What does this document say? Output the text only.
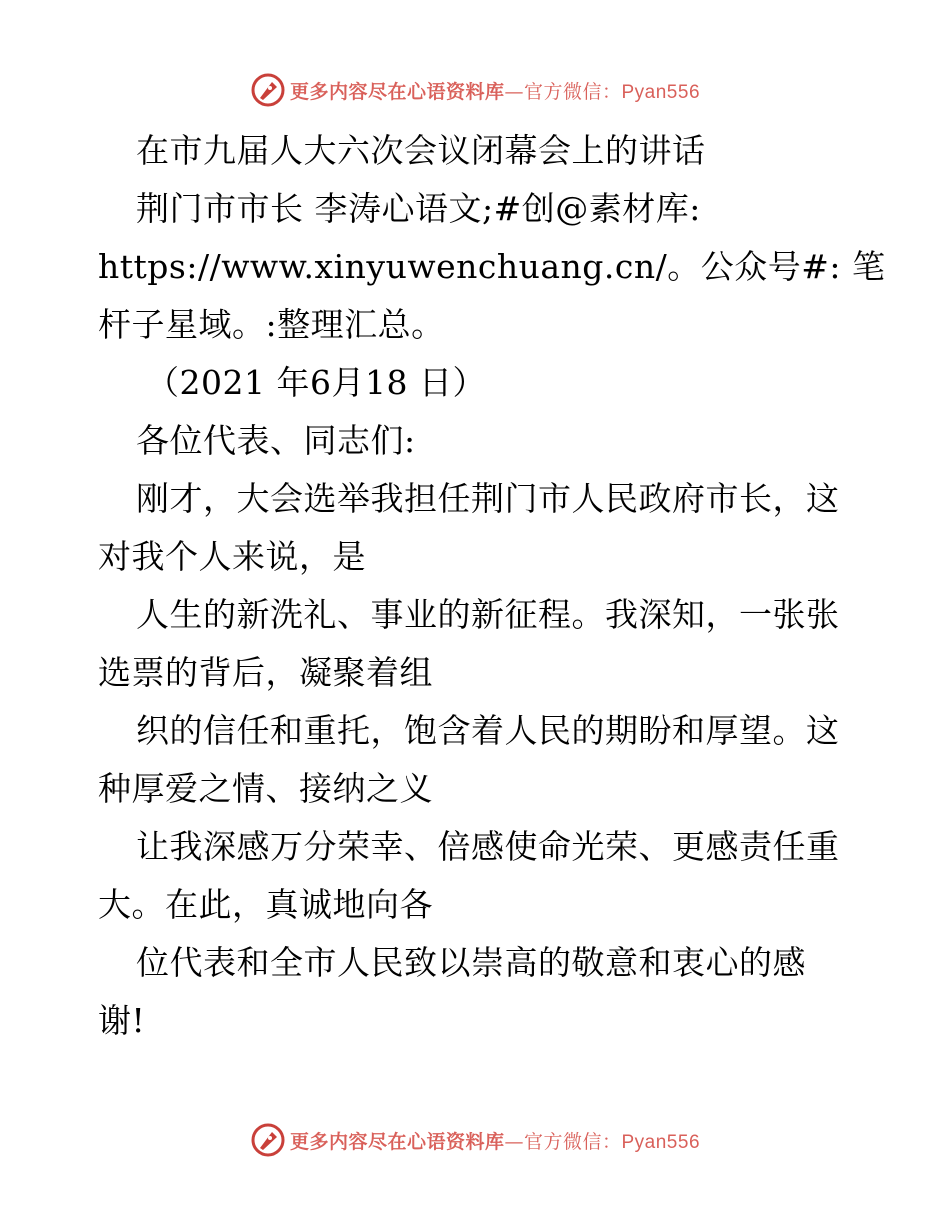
更多内容尽在心语资料库—官方微信：Pyan556
在市九届人大六次会议闭幕会上的讲话
荆门市市长 李涛心语文;#创@素材库:
https://www.xinyuwenchuang.cn/。公众号#: 笔
杆子星域。:整理汇总。
（2021 年6月18 日）
各位代表、同志们:
刚才，大会选举我担任荆门市人民政府市长，这
对我个人来说，是
人生的新洗礼、事业的新征程。我深知，一张张
选票的背后，凝聚着组
织的信任和重托，饱含着人民的期盼和厚望。这
种厚爱之情、接纳之义
让我深感万分荣幸、倍感使命光荣、更感责任重
大。在此，真诚地向各
位代表和全市人民致以崇高的敬意和衷心的感
谢!
更多内容尽在心语资料库—官方微信：Pyan556
